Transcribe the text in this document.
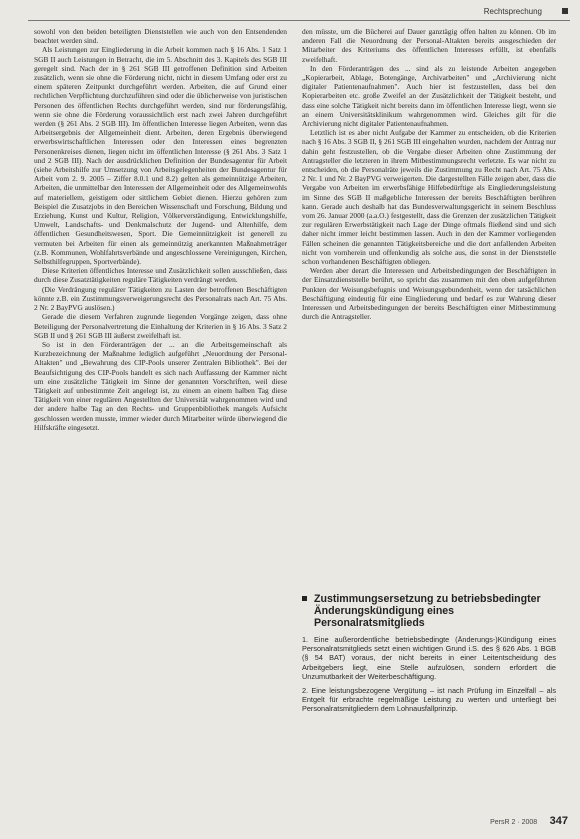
Rechtsprechung

sowohl von den beiden beteiligten Dienststellen wie auch von den Entsendenden beachtet werden sind.

Als Leistungen zur Eingliederung in die Arbeit kommen nach § 16 Abs. 1 Satz 1 SGB II auch Leistungen in Betracht, die im 5. Abschnitt des 3. Kapitels des SGB III geregelt sind. Nach der in § 261 SGB III getroffenen Definition sind Arbeiten zusätzlich, wenn sie ohne die Förderung nicht, nicht in diesem Umfang oder erst zu einem späteren Zeitpunkt durchgeführt werden. Arbeiten, die auf Grund einer rechtlichen Verpflichtung durchzuführen sind oder die üblicherweise von juristischen Personen des öffentlichen Rechts durchgeführt werden, sind nur förderungsfähig, wenn sie ohne die Förderung voraussichtlich erst nach zwei Jahren durchgeführt werden (§ 261 Abs. 2 SGB III). Im öffentlichen Interesse liegen Arbeiten, wenn das Arbeitsergebnis der Allgemeinheit dient. Arbeiten, deren Ergebnis überwiegend erwerbswirtschaftlichen Interessen oder den Interessen eines begrenzten Personenkreises dienen, liegen nicht im öffentlichen Interesse (§ 261 Abs. 3 Satz 1 und 2 SGB III). Nach der ausdrücklichen Definition der Bundesagentur für Arbeit (siehe Arbeitshilfe zur Umsetzung von Arbeitsgelegenheiten der Bundesagentur für Arbeit vom 2. 9. 2005 – Ziffer 8.0.1 und 8.2) gelten als gemeinnützige Arbeiten, Arbeiten, die unmittelbar den Interessen der Allgemeinheit oder des Allgemeinwohls auf materiellem, geistigem oder sittlichem Gebiet dienen. Hierzu gehören zum Beispiel die Zusatzjobs in den Bereichen Wissenschaft und Forschung, Bildung und Erziehung, Kunst und Kultur, Religion, Völkerverständigung, Entwicklungshilfe, Umwelt, Landschafts- und Denkmalschutz der Jugend- und Altenhilfe, dem öffentlichen Gesundheitswesen, Sport. Die Gemeinnützigkeit ist generell zu vermuten bei Arbeiten für einen als gemeinnützig anerkannten Maßnahmeträger (z.B. Kommunen, Wohlfahrtsverbände und angeschlossene Vereinigungen, Kirchen, Selbsthilfegruppen, Sportverbände).

Diese Kriterien öffentliches Interesse und Zusätzlichkeit sollen ausschließen, dass durch diese Zusatztätigkeiten reguläre Tätigkeiten verdrängt werden.

(Die Verdrängung regulärer Tätigkeiten zu Lasten der betroffenen Beschäftigten könnte z.B. ein Zustimmungsverweigerungsrecht des Personalrats nach Art. 75 Abs. 2 Nr. 2 BayPVG auslösen.)

Gerade die diesem Verfahren zugrunde liegenden Vorgänge zeigen, dass ohne Beteiligung der Personalvertretung die Einhaltung der Kriterien in § 16 Abs. 3 Satz 2 SGB II und § 261 SGB III äußerst zweifelhaft ist.

So ist in den Förderanträgen der ... an die Arbeitsgemeinschaft als Kurzbezeichnung der Maßnahme lediglich aufgeführt „Neuordnung der Personal-Altakten" und „Bewahrung des CIP-Pools unserer Zentralen Bibliothek". Bei der Beaufsichtigung des CIP-Pools handelt es sich nach Auffassung der Kammer nicht um eine zusätzliche Tätigkeit im Sinne der genannten Vorschriften, weil diese Tätigkeit auf unbestimmte Zeit angelegt ist, zu einem an einem halben Tag diese Tätigkeit von einer regulären Angestellten der Universität wahrgenommen wird und der andere halbe Tag an den Rechts- und Gruppenbibliothek mangels Aufsicht geschlossen werden musste, immer wieder durch Mitarbeiter würde überwiegend die Hilfskräfte eingesetzt.

den müsste, um die Bücherei auf Dauer ganztägig offen halten zu können. Ob im anderen Fall die Neuordnung der Personal-Altakten bereits ausgeschieden der Mitarbeiter des Kriteriums des öffentlichen Interesses erfüllt, ist ebenfalls zweifelhaft.

In den Förderanträgen des ... sind als zu leistende Arbeiten angegeben „Kopierarbeit, Ablage, Botengänge, Archivarbeiten" und „Archivierung nicht digitaler Patientenaufnahmen". Auch hier ist festzustellen, dass bei den Kopierarbeiten etc. große Zweifel an der Zusätzlichkeit der Tätigkeit besteht, und dass eine solche Tätigkeit nicht bereits dann im öffentlichen Interesse liegt, wenn sie an einem Universitätsklinikum wahrgenommen wird. Gleiches gilt für die Archivierung nicht digitaler Patientenaufnahmen.

Letztlich ist es aber nicht Aufgabe der Kammer zu entscheiden, ob die Kriterien nach § 16 Abs. 3 SGB II, § 261 SGB III eingehalten wurden, nachdem der Antrag nur dahin geht festzustellen, ob die Vergabe dieser Arbeiten ohne Zustimmung der Antragsteller die letzteren in ihrem Mitbestimmungsrecht verletzte. Es war nicht zu entscheiden, ob die Personalräte jeweils die Zustimmung zu Recht nach Art. 75 Abs. 2 Nr. 1 und Nr. 2 BayPVG verweigerten. Die dargestellten Fälle zeigen aber, dass die Vergabe von Arbeiten im erwerbsfähige Hilfebedürftige als Eingliederungsleistung im Sinne des SGB II maßgebliche Interessen der bereits Beschäftigten berühren kann. Gerade auch deshalb hat das Bundesverwaltungsgericht in seinem Beschluss vom 26. Januar 2000 (a.a.O.) festgestellt, dass die Grenzen der zusätzlichen Tätigkeit zur regulären Erwerbstätigkeit nach Lage der Dinge oftmals fließend sind und sich daher nicht immer leicht bestimmen lassen. Auch in den der Kammer vorliegenden Fällen scheinen die genannten Tätigkeitsbereiche und die dort anfallenden Arbeiten nicht von vornherein und offenkundig als solche aus, die sonst in der Dienststelle schon vorhandenen Beschäftigten obliegen.

Werden aber derart die Interessen und Arbeitsbedingungen der Beschäftigten in der Einsatzdienststelle berührt, so spricht das zusammen mit den oben aufgeführten Punkten der Weisungsbefugnis und Weisungsgebundenheit, wenn der tatsächlichen Beschäftigung eindeutig für eine Eingliederung und bedarf es zur Wahrung dieser Interessen und Arbeitsbedingungen der bereits Beschäftigten einer Mitbestimmung durch die Antragsteller.

Zustimmungsersetzung zu betriebsbedingter Änderungskündigung eines Personalratsmitglieds
1. Eine außerordentliche betriebsbedingte (Änderungs-)Kündigung eines Personalratsmitglieds setzt einen wichtigen Grund i.S. des § 626 Abs. 1 BGB (§ 54 BAT) voraus, der nicht bereits in einer Leitentscheidung des Arbeitgebers liegt, eine Stelle aufzulösen, sondern erfordert die Unzumutbarkeit der Weiterbeschäftigung.
2. Eine leistungsbezogene Vergütung – ist nach Prüfung im Einzelfall – als Entgelt für erbrachte regelmäßige Leistung zu werten und unterliegt bei Personalratsmitgliedern dem Lohnausfallprinzip.
PersR 2 · 2008 347
